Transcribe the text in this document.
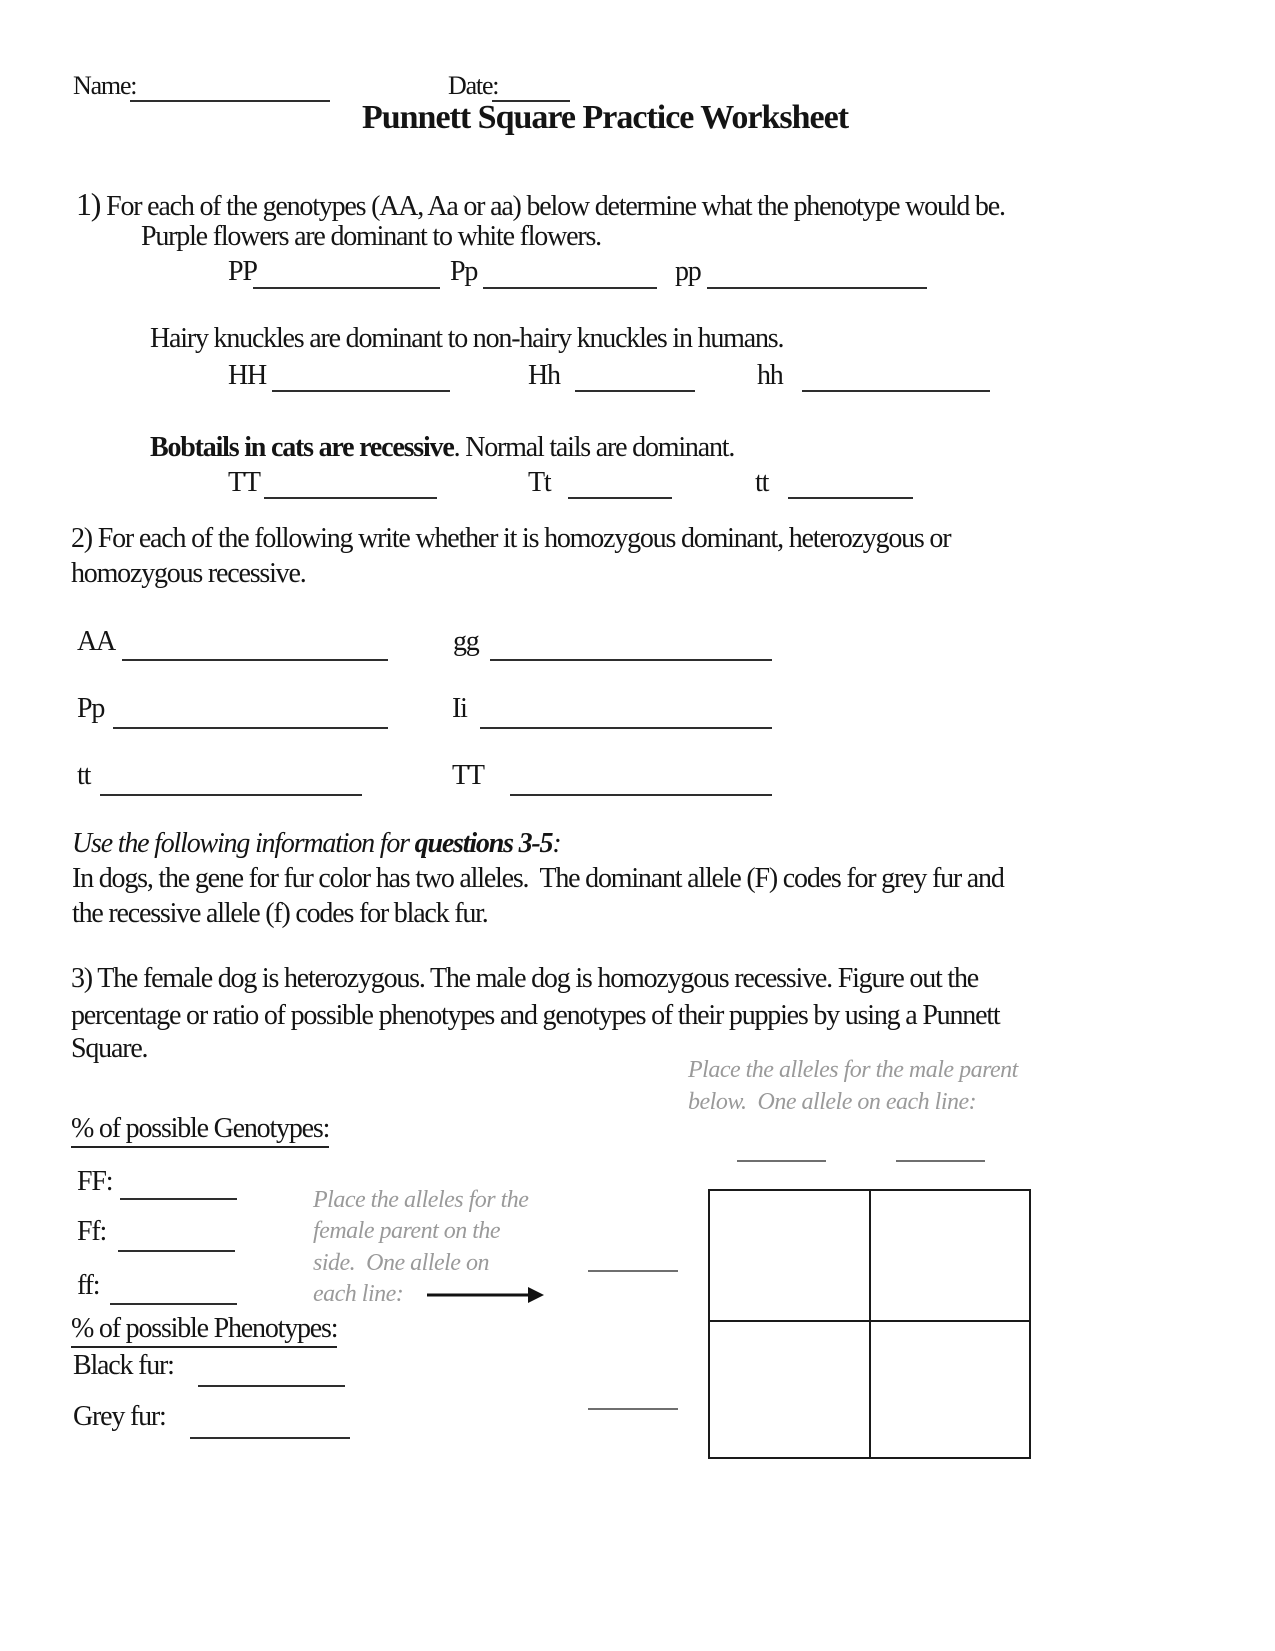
Name:	Date:
Punnett Square Practice Worksheet
1) For each of the genotypes (AA, Aa or aa) below determine what the phenotype would be.
Purple flowers are dominant to white flowers.
PP	Pp	pp
Hairy knuckles are dominant to non-hairy knuckles in humans.
HH	Hh	hh
Bobtails in cats are recessive. Normal tails are dominant.
TT	Tt	tt
2) For each of the following write whether it is homozygous dominant, heterozygous or
homozygous recessive.
AA	gg
Pp	Ii
tt	TT
Use the following information for questions 3-5:
In dogs, the gene for fur color has two alleles.  The dominant allele (F) codes for grey fur and
the recessive allele (f) codes for black fur.
3) The female dog is heterozygous. The male dog is homozygous recessive. Figure out the
percentage or ratio of possible phenotypes and genotypes of their puppies by using a Punnett
Square.
Place the alleles for the male parent
below.  One allele on each line:
% of possible Genotypes:
FF:
Ff:
ff:
Place the alleles for the
female parent on the
side.  One allele on
each line:
% of possible Phenotypes:
Black fur:
Grey fur:
